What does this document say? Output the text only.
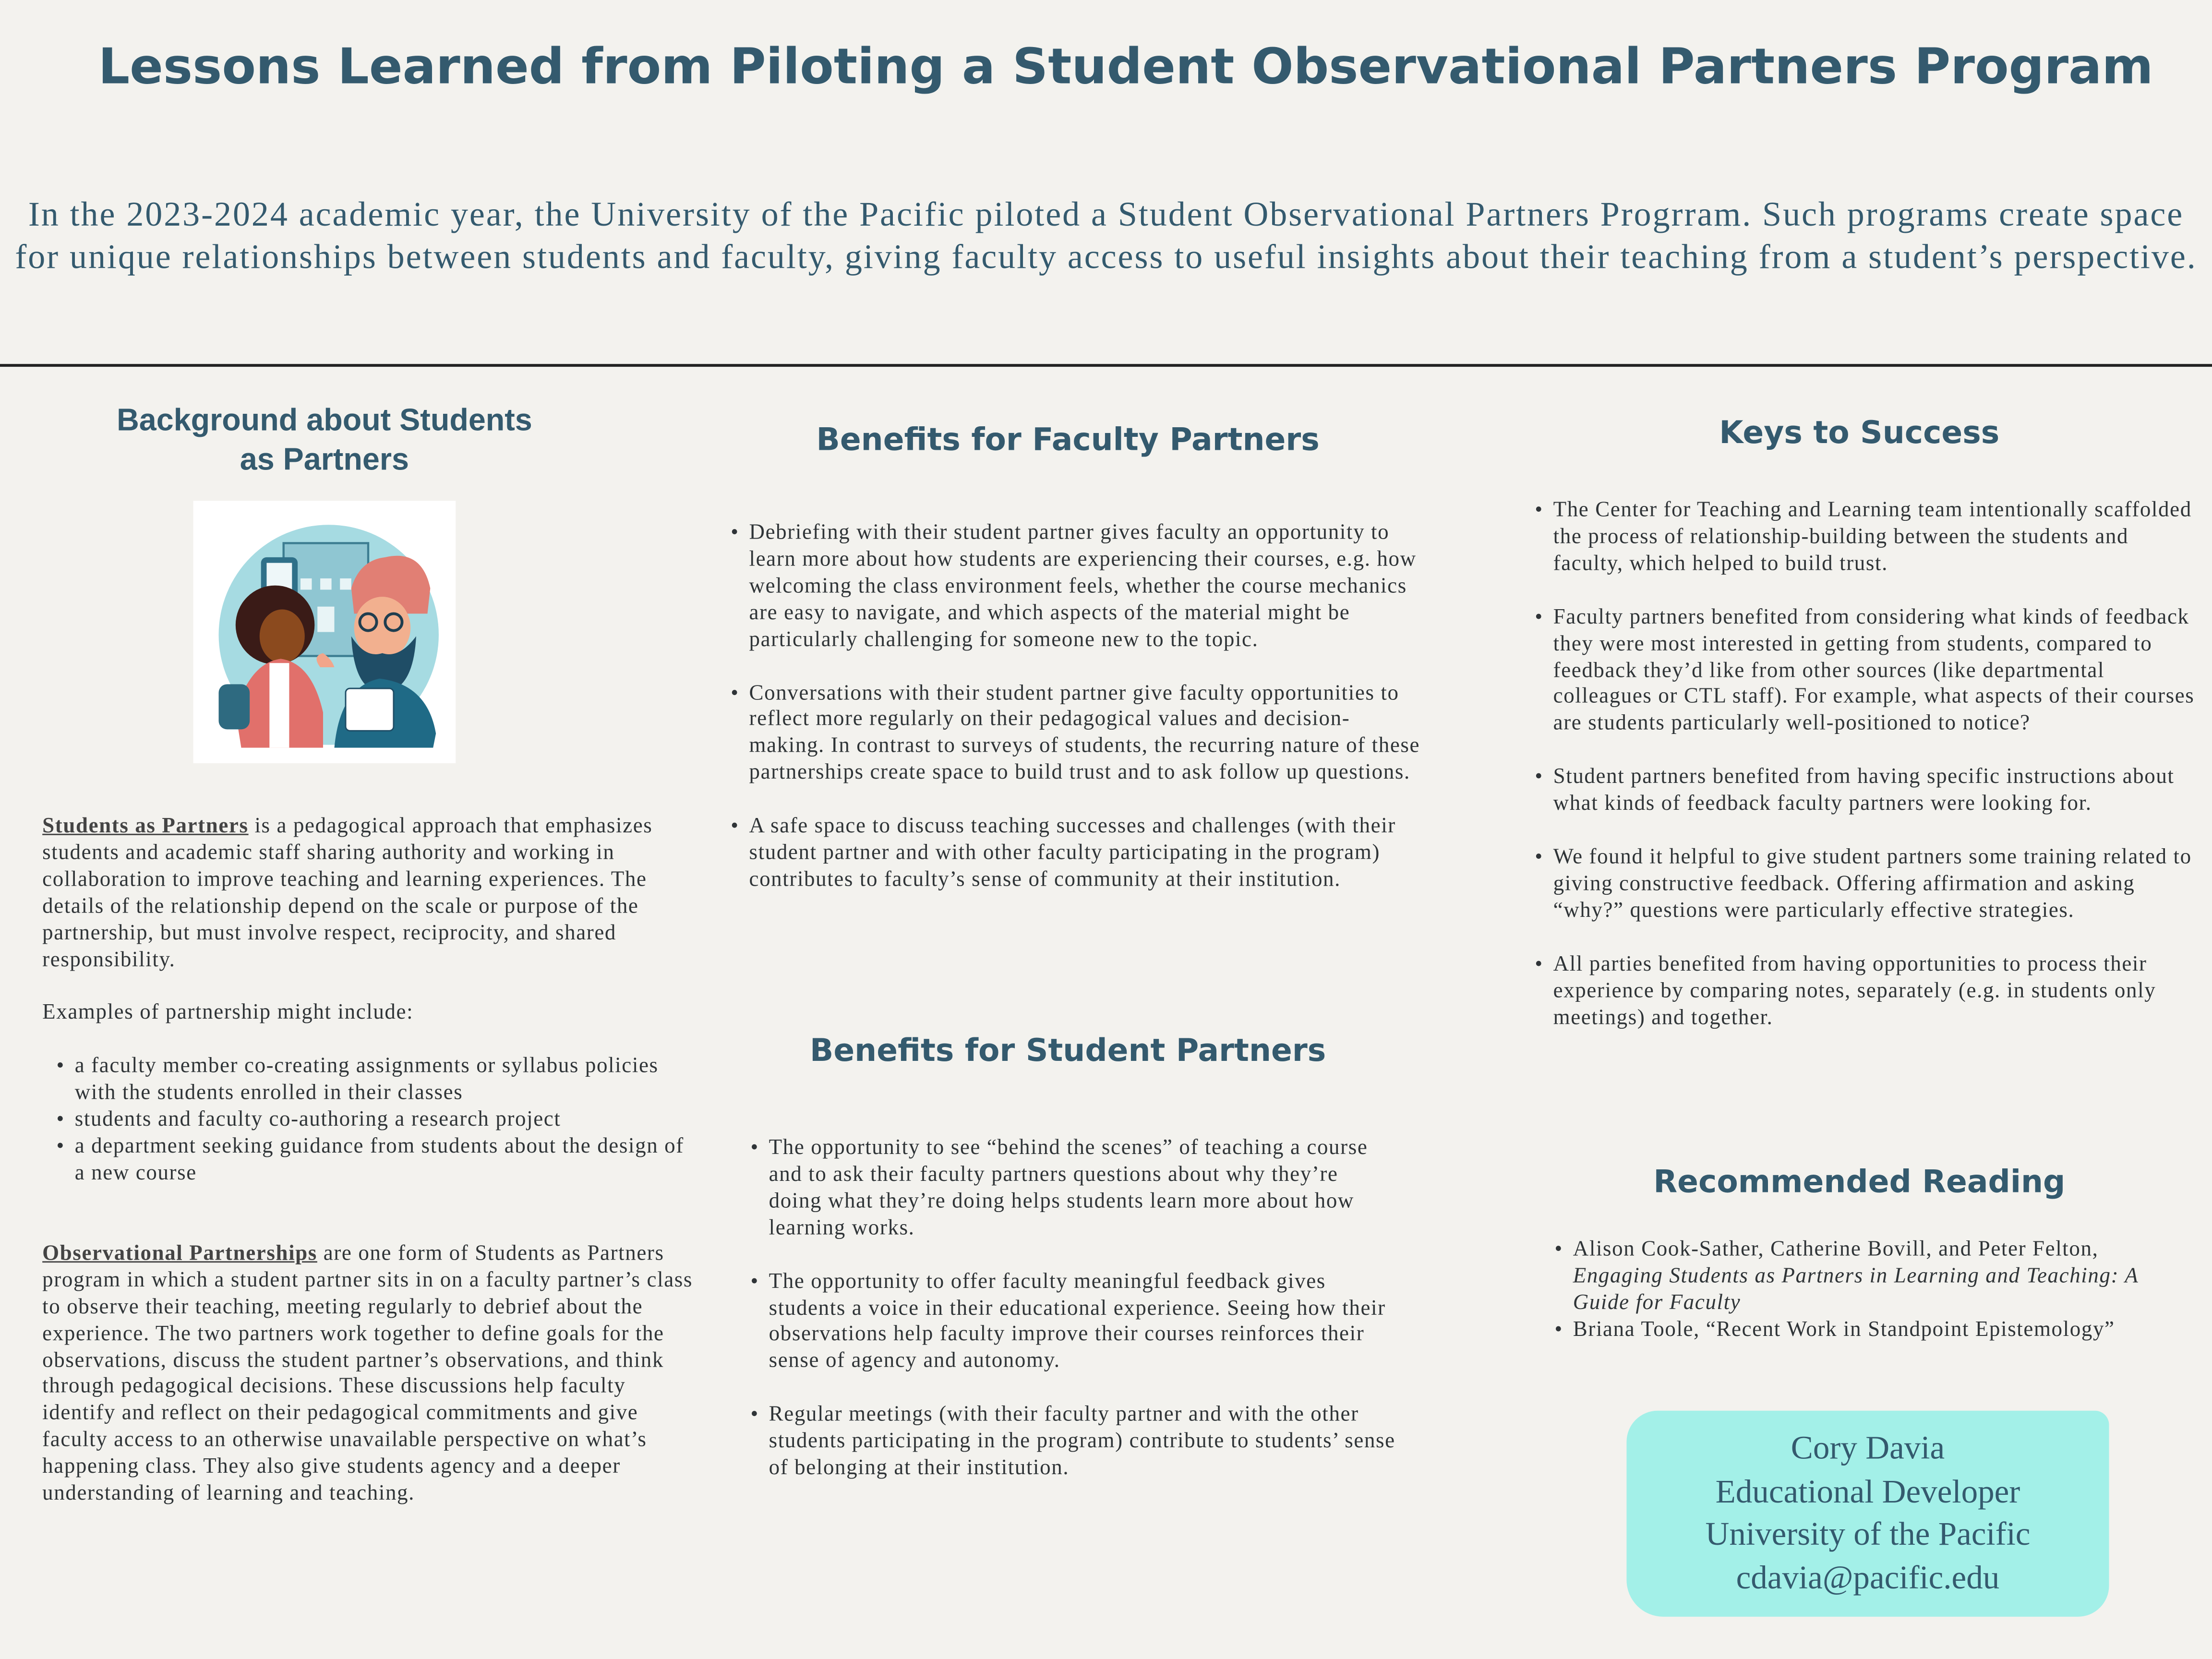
Lessons Learned from Piloting a Student Observational Partners Program
In the 2023-2024 academic year, the University of the Pacific piloted a Student Observational Partners Progrram. Such programs create space for unique relationships between students and faculty, giving faculty access to useful insights about their teaching from a student’s perspective.
Background about Students as Partners

Students as Partners is a pedagogical approach that emphasizes students and academic staff sharing authority and working in collaboration to improve teaching and learning experiences. The details of the relationship depend on the scale or purpose of the partnership, but must involve respect, reciprocity, and shared responsibility.

Examples of partnership might include:

• a faculty member co-creating assignments or syllabus policies with the students enrolled in their classes
• students and faculty co-authoring a research project
• a department seeking guidance from students about the design of a new course

Observational Partnerships are one form of Students as Partners program in which a student partner sits in on a faculty partner’s class to observe their teaching, meeting regularly to debrief about the experience. The two partners work together to define goals for the observations, discuss the student partner’s observations, and think through pedagogical decisions. These discussions help faculty identify and reflect on their pedagogical commitments and give faculty access to an otherwise unavailable perspective on what’s happening class. They also give students agency and a deeper understanding of learning and teaching.

Benefits for Faculty Partners
• Debriefing with their student partner gives faculty an opportunity to learn more about how students are experiencing their courses, e.g. how welcoming the class environment feels, whether the course mechanics are easy to navigate, and which aspects of the material might be particularly challenging for someone new to the topic.
• Conversations with their student partner give faculty opportunities to reflect more regularly on their pedagogical values and decision-making. In contrast to surveys of students, the recurring nature of these partnerships create space to build trust and to ask follow up questions.
• A safe space to discuss teaching successes and challenges (with their student partner and with other faculty participating in the program) contributes to faculty’s sense of community at their institution.
Benefits for Student Partners
• The opportunity to see “behind the scenes” of teaching a course and to ask their faculty partners questions about why they’re doing what they’re doing helps students learn more about how learning works.
• The opportunity to offer faculty meaningful feedback gives students a voice in their educational experience. Seeing how their observations help faculty improve their courses reinforces their sense of agency and autonomy.
• Regular meetings (with their faculty partner and with the other students participating in the program) contribute to students’ sense of belonging at their institution.
Keys to Success
• The Center for Teaching and Learning team intentionally scaffolded the process of relationship-building between the students and faculty, which helped to build trust.
• Faculty partners benefited from considering what kinds of feedback they were most interested in getting from students, compared to feedback they’d like from other sources (like departmental colleagues or CTL staff). For example, what aspects of their courses are students particularly well-positioned to notice?
• Student partners benefited from having specific instructions about what kinds of feedback faculty partners were looking for.
• We found it helpful to give student partners some training related to giving constructive feedback. Offering affirmation and asking “why?” questions were particularly effective strategies.
• All parties benefited from having opportunities to process their experience by comparing notes, separately (e.g. in students only meetings) and together.
Recommended Reading
• Alison Cook-Sather, Catherine Bovill, and Peter Felton, Engaging Students as Partners in Learning and Teaching: A Guide for Faculty
• Briana Toole, “Recent Work in Standpoint Epistemology”
Cory Davia
Educational Developer
University of the Pacific
cdavia@pacific.edu
